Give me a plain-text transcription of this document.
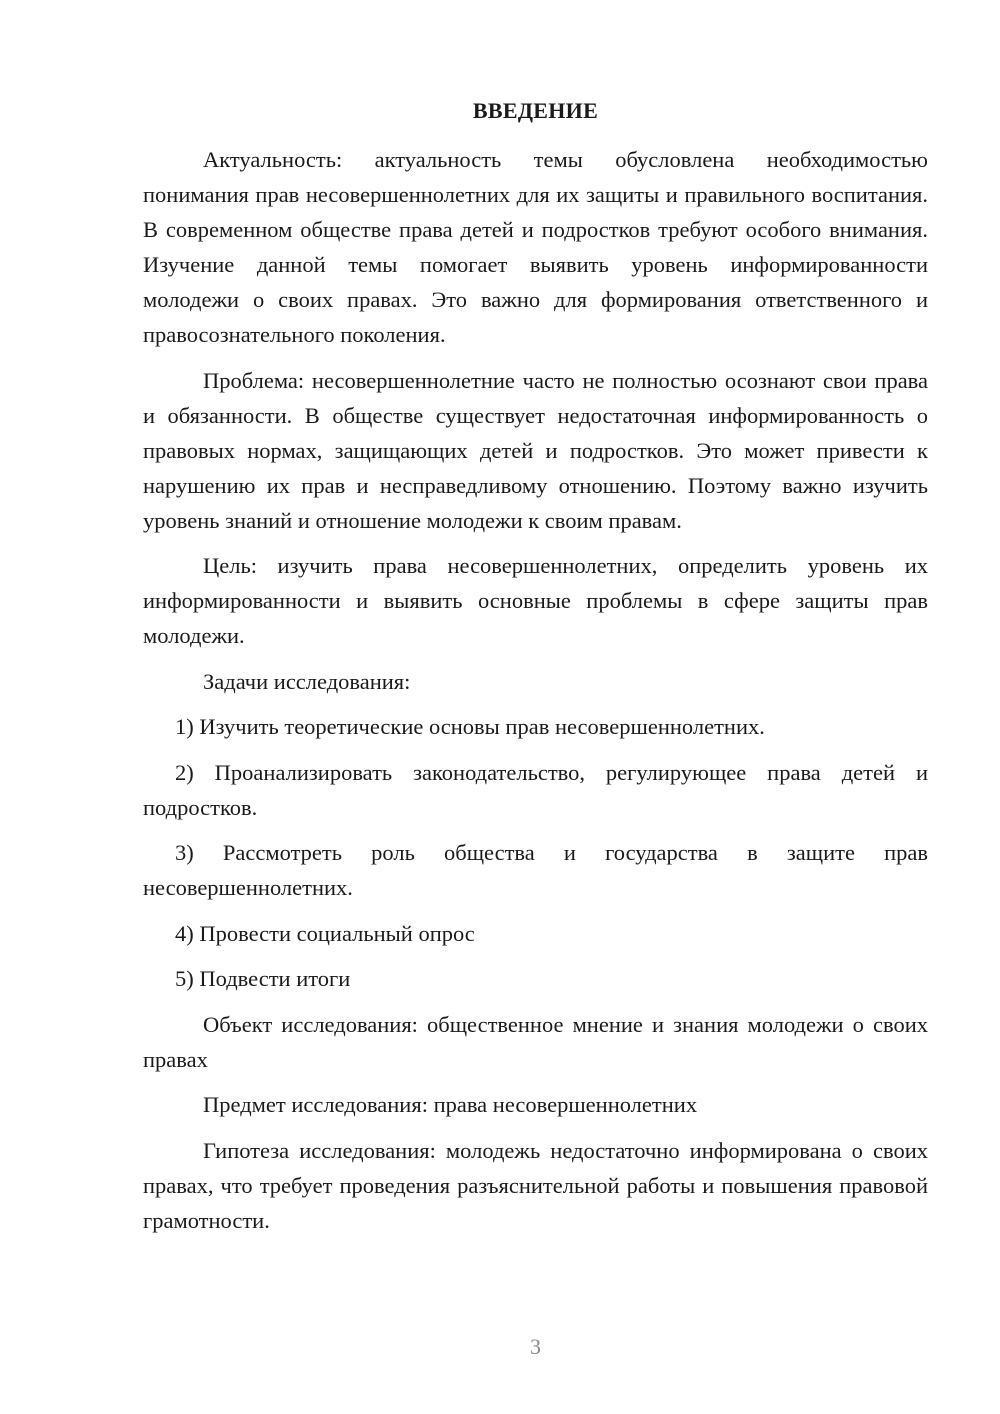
ВВЕДЕНИЕ

Актуальность: актуальность темы обусловлена необходимостью понимания прав несовершеннолетних для их защиты и правильного воспитания. В современном обществе права детей и подростков требуют особого внимания. Изучение данной темы помогает выявить уровень информированности молодежи о своих правах. Это важно для формирования ответственного и правосознательного поколения.

Проблема: несовершеннолетние часто не полностью осознают свои права и обязанности. В обществе существует недостаточная информированность о правовых нормах, защищающих детей и подростков. Это может привести к нарушению их прав и несправедливому отношению. Поэтому важно изучить уровень знаний и отношение молодежи к своим правам.

Цель: изучить права несовершеннолетних, определить уровень их информированности и выявить основные проблемы в сфере защиты прав молодежи.

Задачи исследования:

1) Изучить теоретические основы прав несовершеннолетних.

2) Проанализировать законодательство, регулирующее права детей и подростков.

3) Рассмотреть роль общества и государства в защите прав несовершеннолетних.

4) Провести социальный опрос

5) Подвести итоги

Объект исследования: общественное мнение и знания молодежи о своих правах

Предмет исследования: права несовершеннолетних

Гипотеза исследования: молодежь недостаточно информирована о своих правах, что требует проведения разъяснительной работы и повышения правовой грамотности.

3
